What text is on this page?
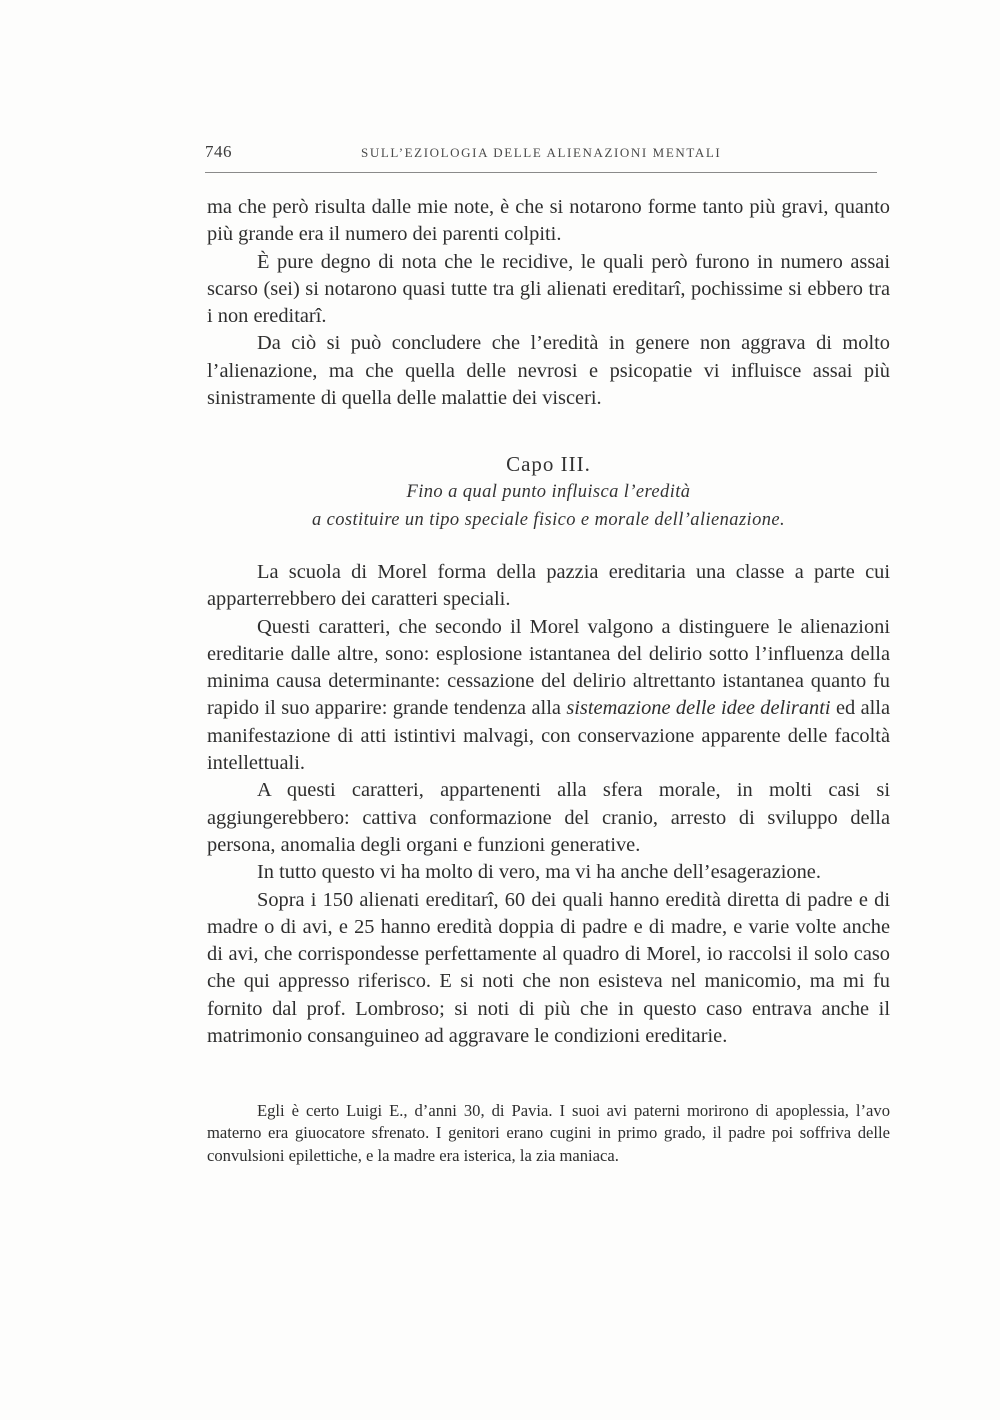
746	SULL’EZIOLOGIA DELLE ALIENAZIONI MENTALI

ma che però risulta dalle mie note, è che si notarono forme tanto più gravi, quanto più grande era il numero dei parenti colpiti.

È pure degno di nota che le recidive, le quali però furono in numero assai scarso (sei) si notarono quasi tutte tra gli alienati ereditarî, pochissime si ebbero tra i non ereditarî.

Da ciò si può concludere che l’eredità in genere non aggrava di molto l’alienazione, ma che quella delle nevrosi e psicopatie vi influisce assai più sinistramente di quella delle malattie dei visceri.

Capo III.
Fino a qual punto influisca l’eredità
a costituire un tipo speciale fisico e morale dell’alienazione.

La scuola di Morel forma della pazzia ereditaria una classe a parte cui apparterrebbero dei caratteri speciali.

Questi caratteri, che secondo il Morel valgono a distinguere le alienazioni ereditarie dalle altre, sono: esplosione istantanea del delirio sotto l’influenza della minima causa determinante: cessazione del delirio altrettanto istantanea quanto fu rapido il suo apparire: grande tendenza alla sistemazione delle idee deliranti ed alla manifestazione di atti istintivi malvagi, con conservazione apparente delle facoltà intellettuali.

A questi caratteri, appartenenti alla sfera morale, in molti casi si aggiungerebbero: cattiva conformazione del cranio, arresto di sviluppo della persona, anomalia degli organi e funzioni generative.

In tutto questo vi ha molto di vero, ma vi ha anche dell’esagerazione.

Sopra i 150 alienati ereditarî, 60 dei quali hanno eredità diretta di padre e di madre o di avi, e 25 hanno eredità doppia di padre e di madre, e varie volte anche di avi, che corrispondesse perfettamente al quadro di Morel, io raccolsi il solo caso che qui appresso riferisco. E si noti che non esisteva nel manicomio, ma mi fu fornito dal prof. Lombroso; si noti di più che in questo caso entrava anche il matrimonio consanguineo ad aggravare le condizioni ereditarie.

Egli è certo Luigi E., d’anni 30, di Pavia. I suoi avi paterni morirono di apoplessia, l’avo materno era giuocatore sfrenato. I genitori erano cugini in primo grado, il padre poi soffriva delle convulsioni epilettiche, e la madre era isterica, la zia maniaca.
